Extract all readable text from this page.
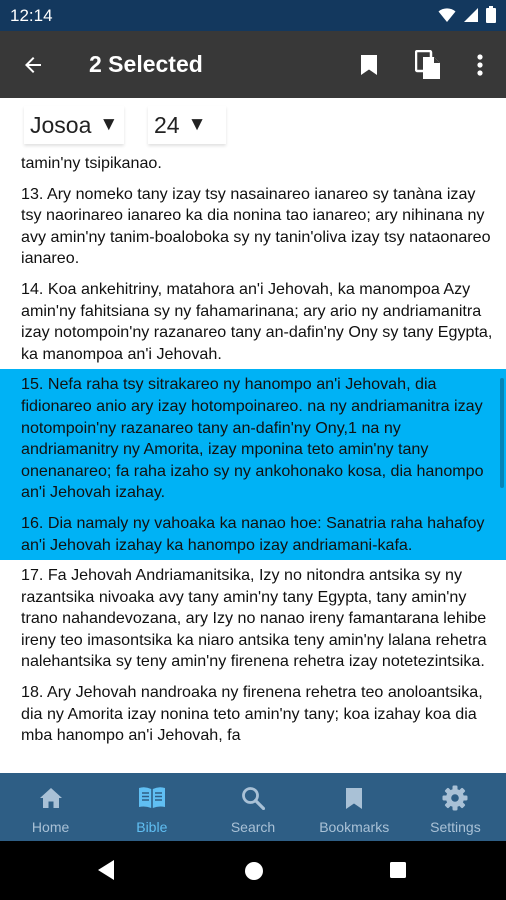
12:14
2 Selected
Josoa ▼ 24 ▼
tamin'ny tsipikanao.
13. Ary nomeko tany izay tsy nasainareo ianareo sy tanàna izay tsy naorinareo ianareo ka dia nonina tao ianareo; ary nihinana ny avy amin'ny tanim-boaloboka sy ny tanin'oliva izay tsy nataonareo ianareo.
14. Koa ankehitriny, matahora an'i Jehovah, ka manompoa Azy amin'ny fahitsiana sy ny fahamarinana; ary ario ny andriamanitra izay notompoin'ny razanareo tany an-dafin'ny Ony sy tany Egypta, ka manompoa an'i Jehovah.
15. Nefa raha tsy sitrakareo ny hanompo an'i Jehovah, dia fidionareo anio ary izay hotompoinareo. na ny andriamanitra izay notompoin'ny razanareo tany an-dafin'ny Ony,1 na ny andriamanitry ny Amorita, izay mponina teto amin'ny tany onenanareo; fa raha izaho sy ny ankohonako kosa, dia hanompo an'i Jehovah izahay.
16. Dia namaly ny vahoaka ka nanao hoe: Sanatria raha hahafoy an'i Jehovah izahay ka hanompo izay andriamani-kafa.
17. Fa Jehovah Andriamanitsika, Izy no nitondra antsika sy ny razantsika nivoaka avy tany amin'ny tany Egypta, tany amin'ny trano nahandevozana, ary Izy no nanao ireny famantarana lehibe ireny teo imasontsika ka niaro antsika teny amin'ny lalana rehetra nalehantsika sy teny amin'ny firenena rehetra izay notetezintsika.
18. Ary Jehovah nandroaka ny firenena rehetra teo anoloantsika, dia ny Amorita izay nonina teto amin'ny tany; koa izahay koa dia mba hanompo an'i Jehovah, fa
Home	Bible	Search	Bookmarks	Settings
